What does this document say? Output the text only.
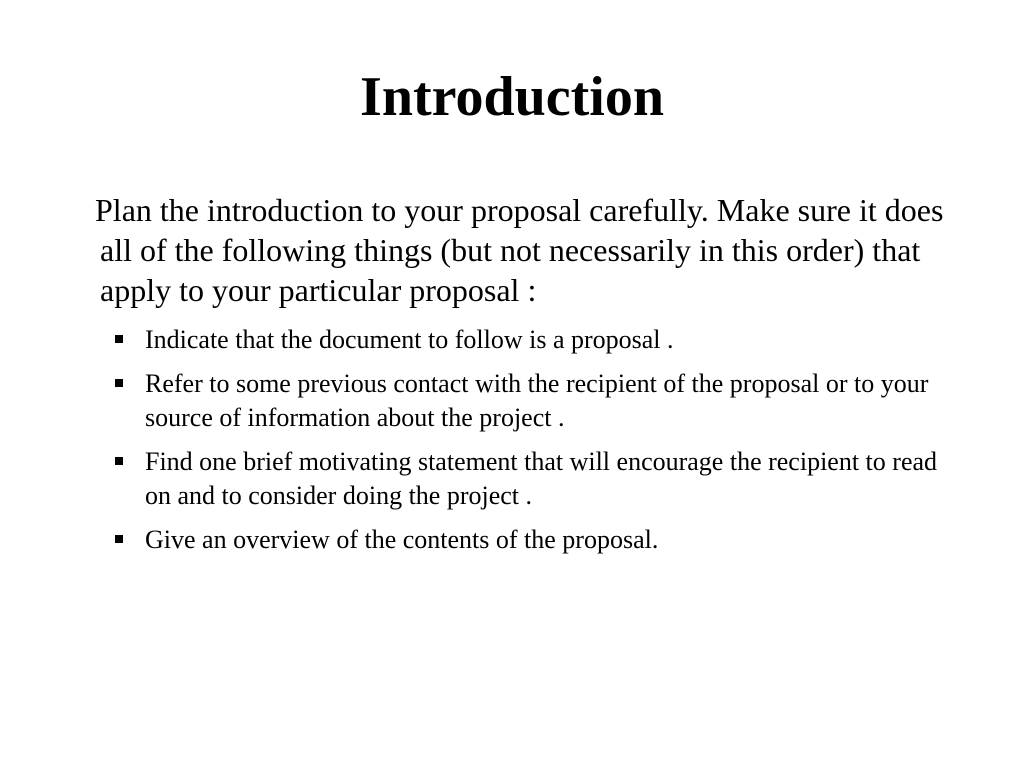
Introduction

Plan the introduction to your proposal carefully. Make sure it does all of the following things (but not necessarily in this order) that apply to your particular proposal :

Indicate that the document to follow is a proposal .
Refer to some previous contact with the recipient of the proposal or to your source of information about the project .
Find one brief motivating statement that will encourage the recipient to read on and to consider doing the project .
Give an overview of the contents of the proposal.
